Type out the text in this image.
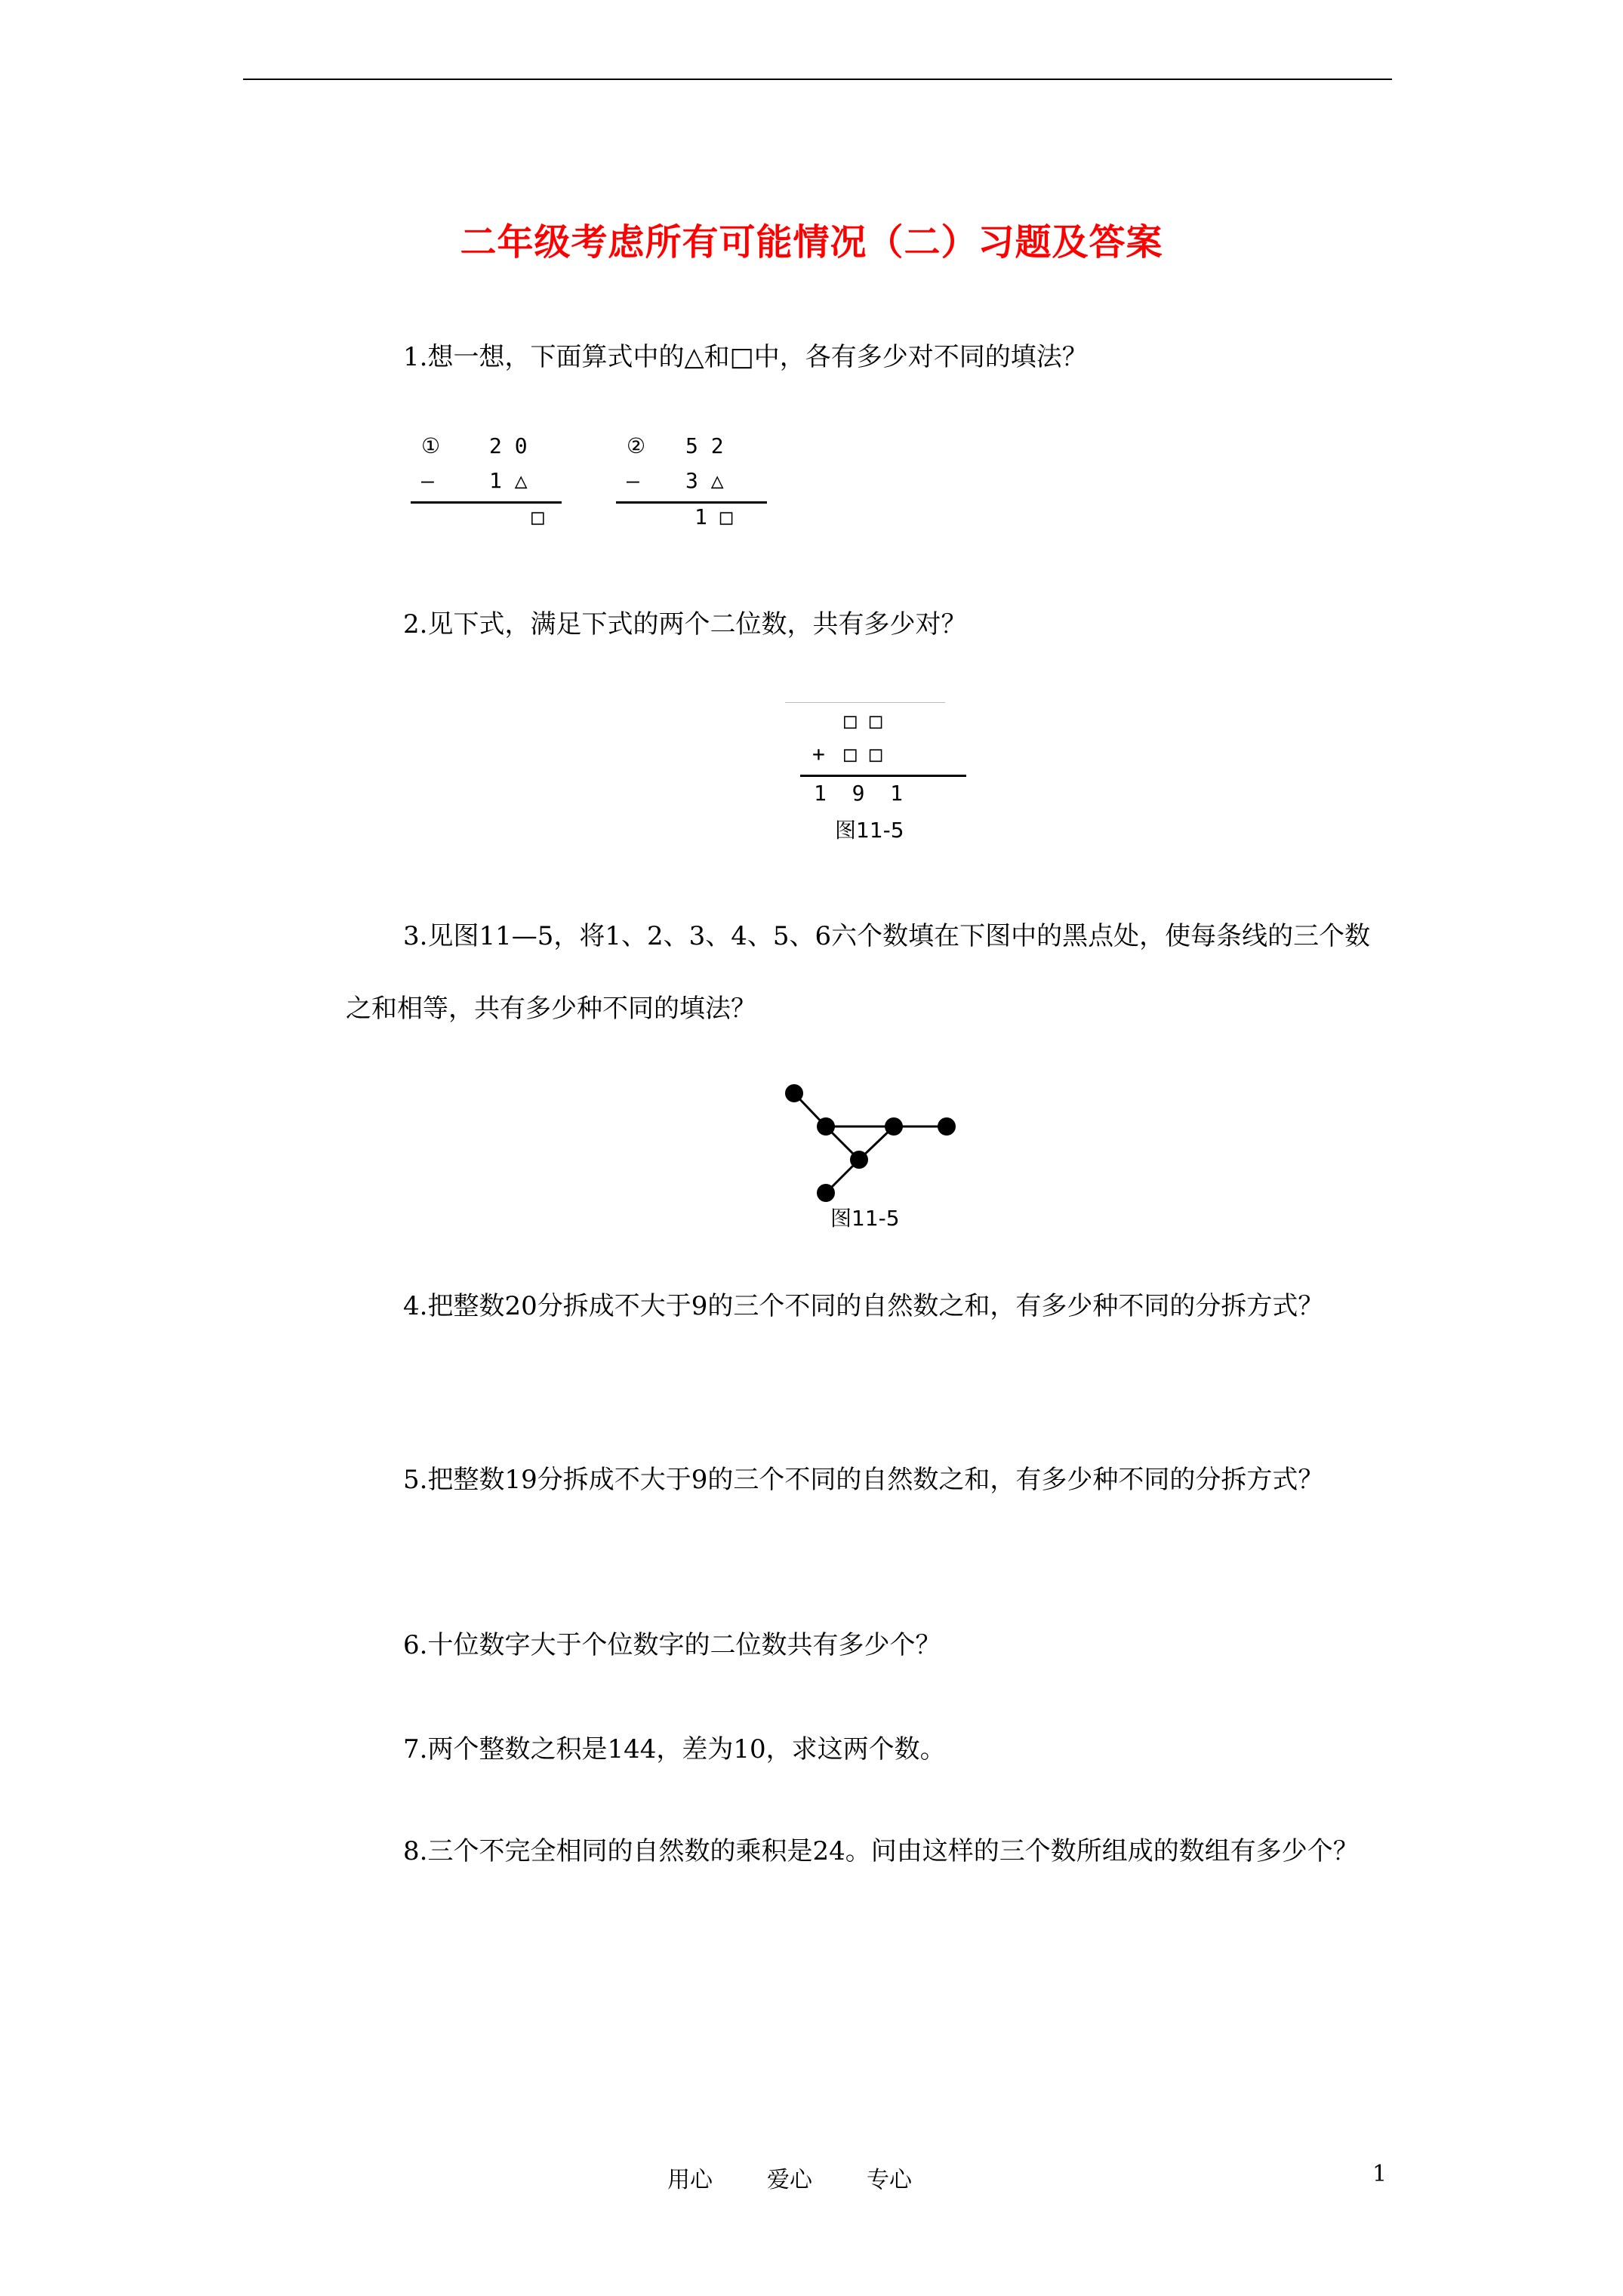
二年级考虑所有可能情况（二）习题及答案
1.想一想，下面算式中的△和□中，各有多少对不同的填法？
① 2 0
—	1 △
□
② 5 2
— 3 △
1 □
2.见下式，满足下式的两个二位数，共有多少对？
□ □
+ □ □
1  9  1
图11-5
3.见图11—5，将1、2、3、4、5、6六个数填在下图中的黑点处，使每条线的三个数之和相等，共有多少种不同的填法？
图11-5
4.把整数20分拆成不大于9的三个不同的自然数之和，有多少种不同的分拆方式？
5.把整数19分拆成不大于9的三个不同的自然数之和，有多少种不同的分拆方式？
6.十位数字大于个位数字的二位数共有多少个？
7.两个整数之积是144，差为10，求这两个数。
8.三个不完全相同的自然数的乘积是24。问由这样的三个数所组成的数组有多少个？
用心 爱心 专心	1
